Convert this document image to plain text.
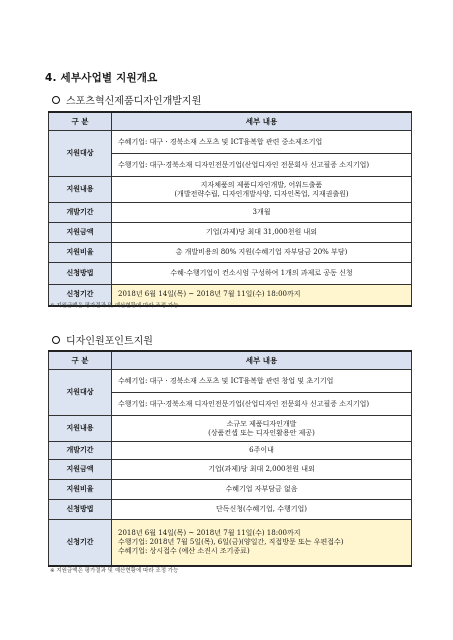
4. 세부사업별 지원개요
스포츠혁신제품디자인개발지원
구 분	세부 내용
지원대상	수혜기업: 대구 · 경북소재 스포츠 및 ICT융복합 관련 중소제조기업
	수행기업: 대구·경북소재 디자인전문기업(산업디자인 전문회사 신고필증 소지기업)
지원내용	지자체품의 제품디자인개발, 어워드출품
(개발전략수립, 디자인개발사양, 디자인목업, 지재권출원)

개발기간	3개월
지원금액	기업(과제)당 최대 31,000천원 내외
지원비율	총 개발비용의 80% 지원(수혜기업 자부담금 20% 부담)
신청방법	수혜·수행기업이 컨소시엄 구성하여 1개의 과제로 공동 신청
신청기간	2018년 6월 14일(목) ~ 2018년 7월 11일(수) 18:00까지
※ 지원금액은 평가결과 및 예산현황에 따라 조정 가능
디자인원포인트지원
구 분	세부 내용
지원대상	수혜기업: 대구 · 경북소재 스포츠 및 ICT융복합 관련 창업 및 초기기업
	수행기업: 대구·경북소재 디자인전문기업(산업디자인 전문회사 신고필증 소지기업)
지원내용	소규모 제품디자인개발
(상품컨셉 또는 디자인활용안 제공)

개발기간	6주이내
지원금액	기업(과제)당 최대 2,000천원 내외
지원비율	수혜기업 자부담금 없음
신청방법	단독신청(수혜기업, 수행기업)
신청기간	2018년 6월 14일(목) ~ 2018년 7월 11일(수) 18:00까지
수행기업: 2018년 7월 5일(목), 6일(금)(양일간, 직접방문 또는 우편접수)
수혜기업: 상시접수 (예산 소진시 조기종료)
※ 지원금액은 평가결과 및 예산현황에 따라 조정 가능
